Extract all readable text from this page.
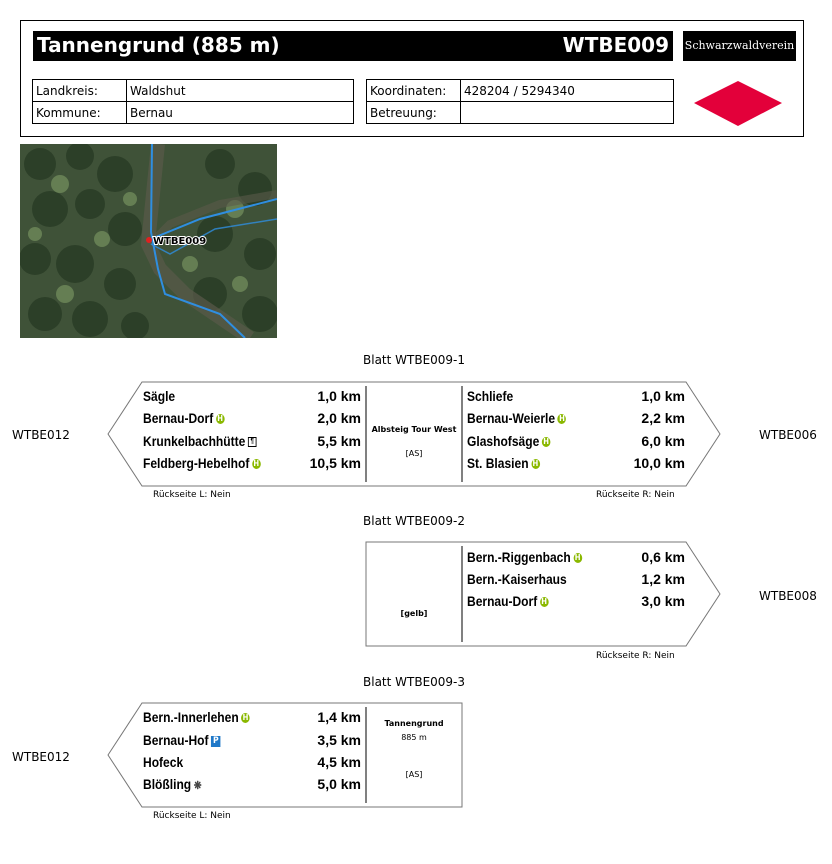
Tannengrund (885 m)	WTBE009 Schwarzwaldverein
Landkreis:	Waldshut
Kommune:	Bernau
Koordinaten:	428204 / 5294340
Betreuung:	
WTBE009
Blatt WTBE009-1
WTBE012	WTBE006
Sägle	1,0 km
Bernau-Dorf H	2,0 km
Krunkelbachhütte ¶	5,5 km
Feldberg-Hebelhof H	10,5 km
Albsteig Tour West
[AS]
Schliefe	1,0 km
Bernau-Weierle H	2,2 km
Glashofsäge H	6,0 km
St. Blasien H	10,0 km
Rückseite L: Nein	Rückseite R: Nein
Blatt WTBE009-2
WTBE008
[gelb]
Bern.-Riggenbach H	0,6 km
Bern.-Kaiserhaus	1,2 km
Bernau-Dorf H	3,0 km
Rückseite R: Nein
Blatt WTBE009-3
WTBE012
Bern.-Innerlehen H	1,4 km
Bernau-Hof P	3,5 km
Hofeck	4,5 km
Blößling ❋	5,0 km
Tannengrund
885 m
[AS]
Rückseite L: Nein
